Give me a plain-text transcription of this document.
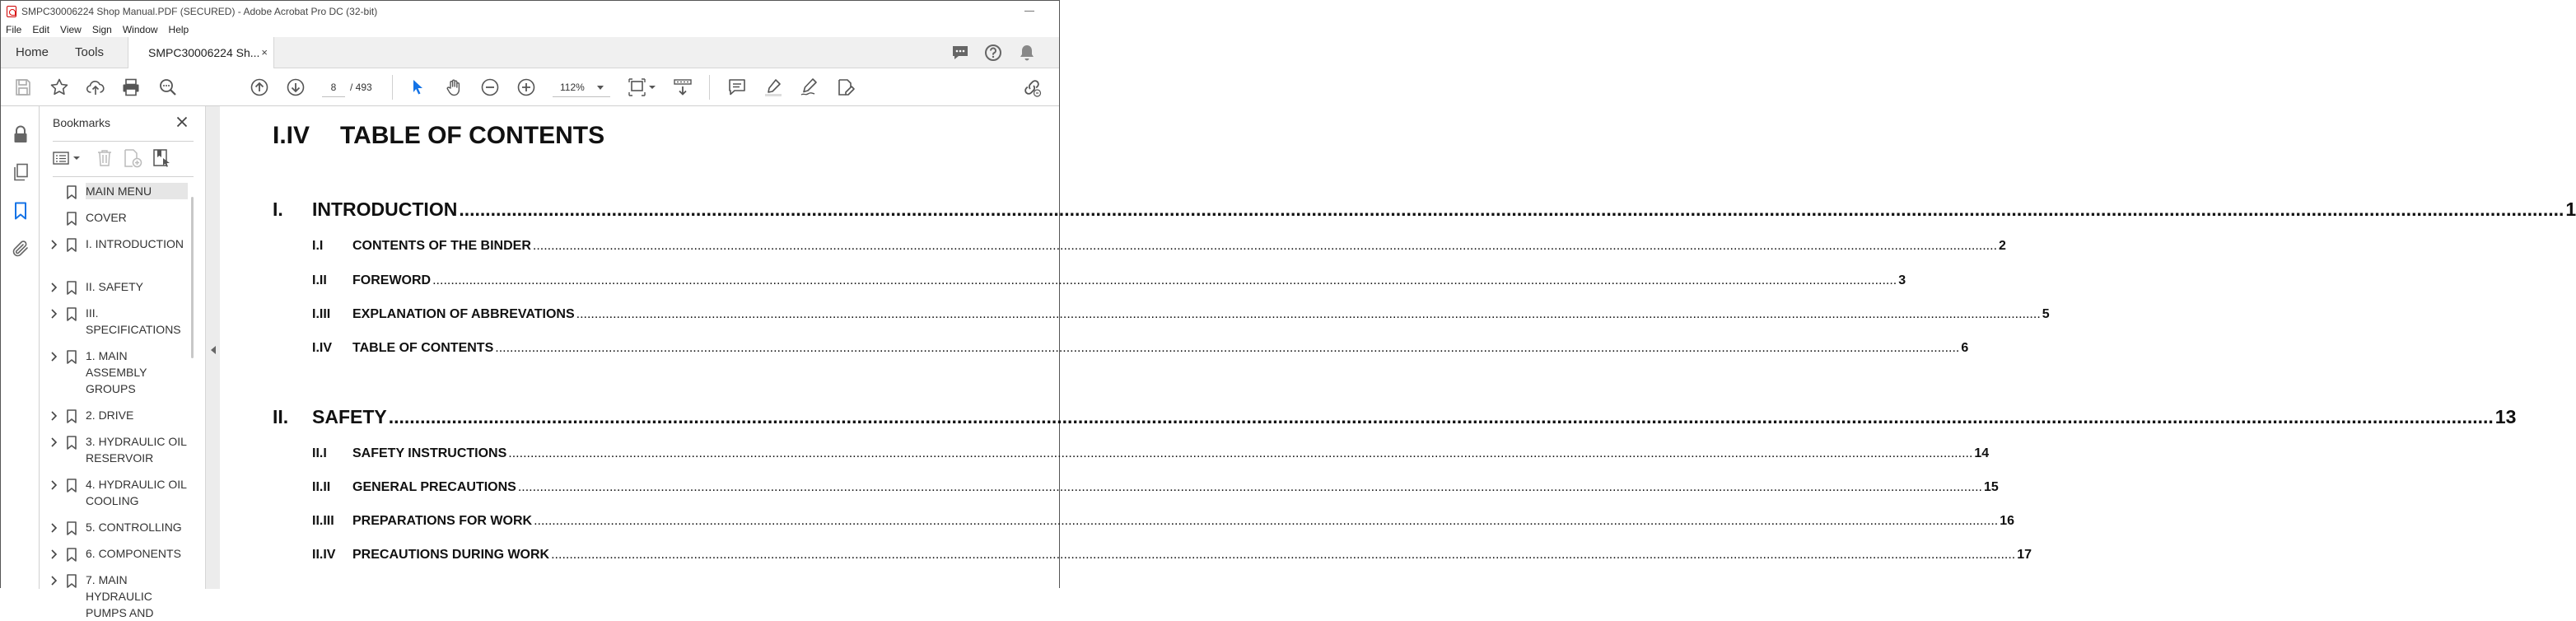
SMPC30006224 Shop Manual.PDF (SECURED) - Adobe Acrobat Pro DC (32-bit)
File Edit View Sign Window Help
Home Tools	SMPC30006224 Sh... ×
8	/ 493	112%
Bookmarks
MAIN MENU
COVER
I. INTRODUCTION
II. SAFETY
III. SPECIFICATIONS
1. MAIN ASSEMBLY GROUPS
2. DRIVE
3. HYDRAULIC OIL RESERVOIR
4. HYDRAULIC OIL COOLING
5. CONTROLLING
6. COMPONENTS
7. MAIN HYDRAULIC PUMPS AND
I.IV TABLE OF CONTENTS
I.	INTRODUCTION ................................................................................................................................................................................................................................................................................................................................................................................................................ 1
I.I	CONTENTS OF THE BINDER ................................................................................................................................................................................................................................................................................................................................................................................................................ 2
I.II	FOREWORD ................................................................................................................................................................................................................................................................................................................................................................................................................ 3
I.III	EXPLANATION OF ABBREVATIONS ................................................................................................................................................................................................................................................................................................................................................................................................................ 5
I.IV	TABLE OF CONTENTS ................................................................................................................................................................................................................................................................................................................................................................................................................ 6
II.	SAFETY ................................................................................................................................................................................................................................................................................................................................................................................................................ 13
II.I	SAFETY INSTRUCTIONS ................................................................................................................................................................................................................................................................................................................................................................................................................ 14
II.II	GENERAL PRECAUTIONS ................................................................................................................................................................................................................................................................................................................................................................................................................ 15
II.III	PREPARATIONS FOR WORK ................................................................................................................................................................................................................................................................................................................................................................................................................ 16
II.IV	PRECAUTIONS DURING WORK ................................................................................................................................................................................................................................................................................................................................................................................................................ 17
